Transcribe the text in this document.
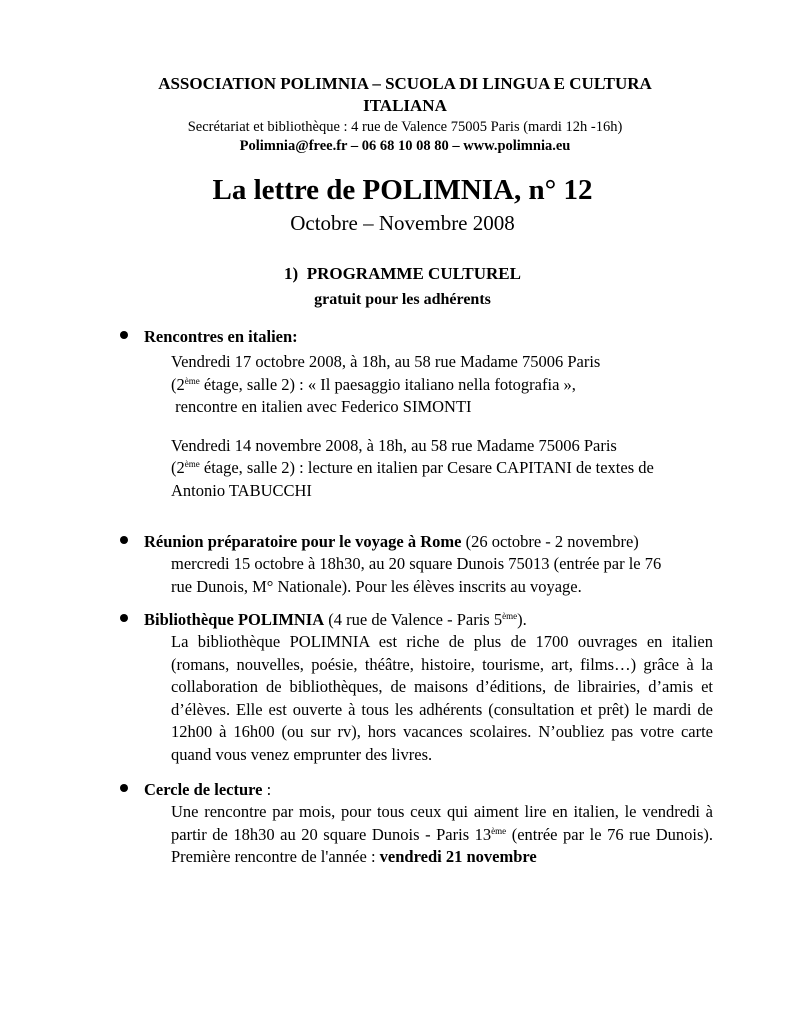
ASSOCIATION POLIMNIA – SCUOLA DI LINGUA E CULTURA
ITALIANA
Secrétariat et bibliothèque : 4 rue de Valence 75005 Paris (mardi 12h -16h)
Polimnia@free.fr – 06 68 10 08 80 – www.polimnia.eu
La lettre de POLIMNIA, n° 12
Octobre – Novembre 2008
1) PROGRAMME CULTUREL
gratuit pour les adhérents
Rencontres en italien:
Vendredi 17 octobre 2008, à 18h, au 58 rue Madame 75006 Paris
(2ème étage, salle 2) : « Il paesaggio italiano nella fotografia »,
rencontre en italien avec Federico SIMONTI
Vendredi 14 novembre 2008, à 18h, au 58 rue Madame 75006 Paris
(2ème étage, salle 2) : lecture en italien par Cesare CAPITANI de textes de
Antonio TABUCCHI
Réunion préparatoire pour le voyage à Rome (26 octobre - 2 novembre)
mercredi 15 octobre à 18h30, au 20 square Dunois 75013 (entrée par le 76
rue Dunois, M° Nationale). Pour les élèves inscrits au voyage.
Bibliothèque POLIMNIA (4 rue de Valence - Paris 5ème).
La bibliothèque POLIMNIA est riche de plus de 1700 ouvrages en italien (romans, nouvelles, poésie, théâtre, histoire, tourisme, art, films…) grâce à la collaboration de bibliothèques, de maisons d’éditions, de librairies, d’amis et d’élèves. Elle est ouverte à tous les adhérents (consultation et prêt) le mardi de 12h00 à 16h00 (ou sur rv), hors vacances scolaires. N’oubliez pas votre carte quand vous venez emprunter des livres.
Cercle de lecture :
Une rencontre par mois, pour tous ceux qui aiment lire en italien, le vendredi à partir de 18h30 au 20 square Dunois - Paris 13ème (entrée par le 76 rue Dunois). Première rencontre de l'année : vendredi 21 novembre
